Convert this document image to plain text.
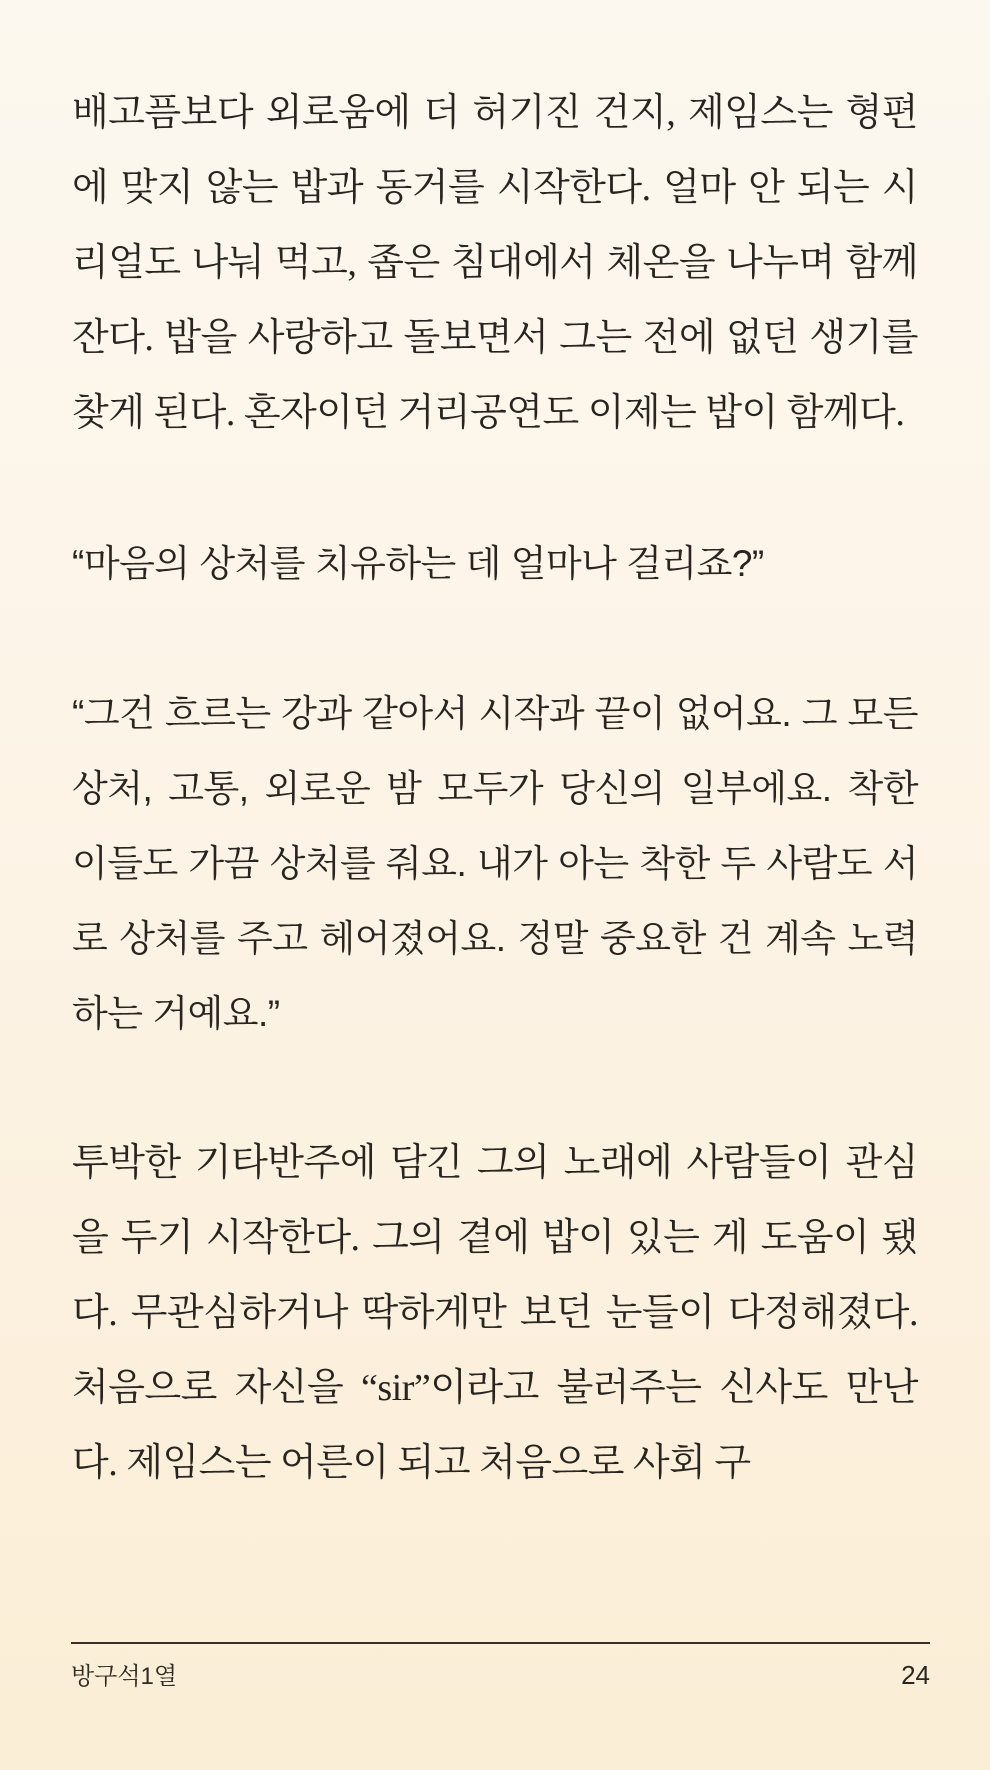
배고픔보다 외로움에 더 허기진 건지, 제임스는 형편에 맞지 않는 밥과 동거를 시작한다. 얼마 안 되는 시리얼도 나눠 먹고, 좁은 침대에서 체온을 나누며 함께 잔다. 밥을 사랑하고 돌보면서 그는 전에 없던 생기를 찾게 된다. 혼자이던 거리공연도 이제는 밥이 함께다.

“마음의 상처를 치유하는 데 얼마나 걸리죠?”

“그건 흐르는 강과 같아서 시작과 끝이 없어요. 그 모든 상처, 고통, 외로운 밤 모두가 당신의 일부에요. 착한 이들도 가끔 상처를 줘요. 내가 아는 착한 두 사람도 서로 상처를 주고 헤어졌어요. 정말 중요한 건 계속 노력하는 거예요.”

투박한 기타반주에 담긴 그의 노래에 사람들이 관심을 두기 시작한다. 그의 곁에 밥이 있는 게 도움이 됐다. 무관심하거나 딱하게만 보던 눈들이 다정해졌다. 처음으로 자신을 “sir”이라고 불러주는 신사도 만난다. 제임스는 어른이 되고 처음으로 사회 구

방구석1열	24
